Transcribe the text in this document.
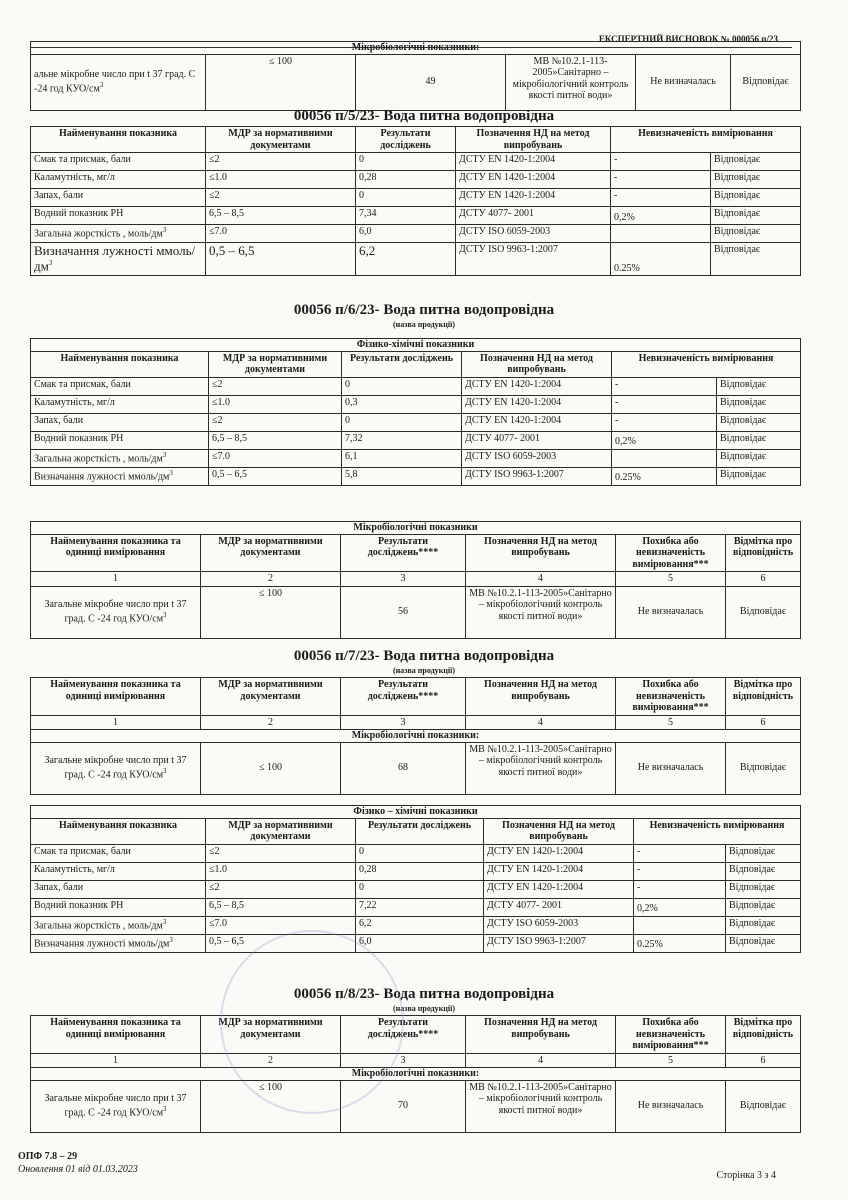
ЕКСПЕРТНИЙ ВИСНОВОК № 000056 п/23
Мікробіологічні показники:
альне мікробне число при t 37 град. С -24 год КУО/$см^3$	≤ 100	49	МВ №10.2.1-113-2005»Санітарно – мікробіологічний контроль якості питної води»	Не визначалась	Відповідає
00056 п/5/23- Вода питна водопровідна
Найменування показника	МДР за нормативними документами	Результати досліджень	Позначення НД на метод випробувань	Невизначеність вимірювання	
Смак та присмак, бали	≤2	0	ДСТУ EN 1420-1:2004	-	Відповідає
Каламутність, мг/л	≤1.0	0,28	ДСТУ EN 1420-1:2004	-	Відповідає
Запах, бали	≤2	0	ДСТУ EN 1420-1:2004	-	Відповідає
Водний показник PH	6,5 – 8,5	7,34	ДСТУ 4077- 2001	0,2%	Відповідає
Загальна жорсткість , моль/$дм^3$	≤7.0	6,0	ДСТУ ISO 6059-2003		Відповідає
Визначання лужності ммоль/$дм^3$	0,5 – 6,5	6,2	ДСТУ ISO 9963-1:2007	0.25%	Відповідає
00056 п/6/23- Вода питна водопровідна
(назва продукції)
Фізико-хімічні показники					
Найменування показника	МДР за нормативними документами	Результати досліджень	Позначення НД на метод випробувань	Невизначеність вимірювання	
Смак та присмак, бали	≤2	0	ДСТУ EN 1420-1:2004	-	Відповідає
Каламутність, мг/л	≤1.0	0,3	ДСТУ EN 1420-1:2004	-	Відповідає
Запах, бали	≤2	0	ДСТУ EN 1420-1:2004	-	Відповідає
Водний показник PH	6,5 – 8,5	7,32	ДСТУ 4077- 2001	0,2%	Відповідає
Загальна жорсткість , моль/$дм^3$	≤7.0	6,1	ДСТУ ISO 6059-2003		Відповідає
Визначання лужності ммоль/$дм^3$	0,5 – 6,5	5,8	ДСТУ ISO 9963-1:2007	0.25%	Відповідає
Мікробіологічні показники					
Найменування показника та одиниці вимірювання	МДР за нормативними документами	Результати досліджень****	Позначення НД на метод випробувань	Похибка або невизначеність вимірювання***	Відмітка про відповідність
1	2	3	4	5	6
Загальне мікробне число при t 37 град. С -24 год КУО/$см^3$	≤ 100	56	МВ №10.2.1-113-2005»Санітарно – мікробіологічний контроль якості питної води»	Не визначалась	Відповідає
00056 п/7/23- Вода питна водопровідна
(назва продукції)
Найменування показника та одиниці вимірювання	МДР за нормативними документами	Результати досліджень****	Позначення НД на метод випробувань	Похибка або невизначеність вимірювання***	Відмітка про відповідність
1	2	3	4	5	6
Мікробіологічні показники:					
Загальне мікробне число при t 37 град. С -24 год КУО/$см^3$	≤ 100	68	МВ №10.2.1-113-2005»Санітарно – мікробіологічний контроль якості питної води»	Не визначалась	Відповідає
Фізико – хімічні показники					
Найменування показника	МДР за нормативними документами	Результати досліджень	Позначення НД на метод випробувань	Невизначеність вимірювання	
Смак та присмак, бали	≤2	0	ДСТУ EN 1420-1:2004	-	Відповідає
Каламутність, мг/л	≤1.0	0,28	ДСТУ EN 1420-1:2004	-	Відповідає
Запах, бали	≤2	0	ДСТУ EN 1420-1:2004	-	Відповідає
Водний показник PH	6,5 – 8,5	7,22	ДСТУ 4077- 2001	0,2%	Відповідає
Загальна жорсткість , моль/$дм^3$	≤7.0	6,2	ДСТУ ISO 6059-2003		Відповідає
Визначання лужності ммоль/$дм^3$	0,5 – 6,5	6,0	ДСТУ ISO 9963-1:2007	0.25%	Відповідає
00056 п/8/23- Вода питна водопровідна
(назва продукції)
Найменування показника та одиниці вимірювання	МДР за нормативними документами	Результати досліджень****	Позначення НД на метод випробувань	Похибка або невизначеність вимірювання***	Відмітка про відповідність
1	2	3	4	5	6
Мікробіологічні показники:					
Загальне мікробне число при t 37 град. С -24 год КУО/$см^3$	≤ 100	70	МВ №10.2.1-113-2005»Санітарно – мікробіологічний контроль якості питної води»	Не визначалась	Відповідає
ОПФ 7.8 – 29
Оновлення 01 від 01.03.2023
Сторінка 3 з 4
